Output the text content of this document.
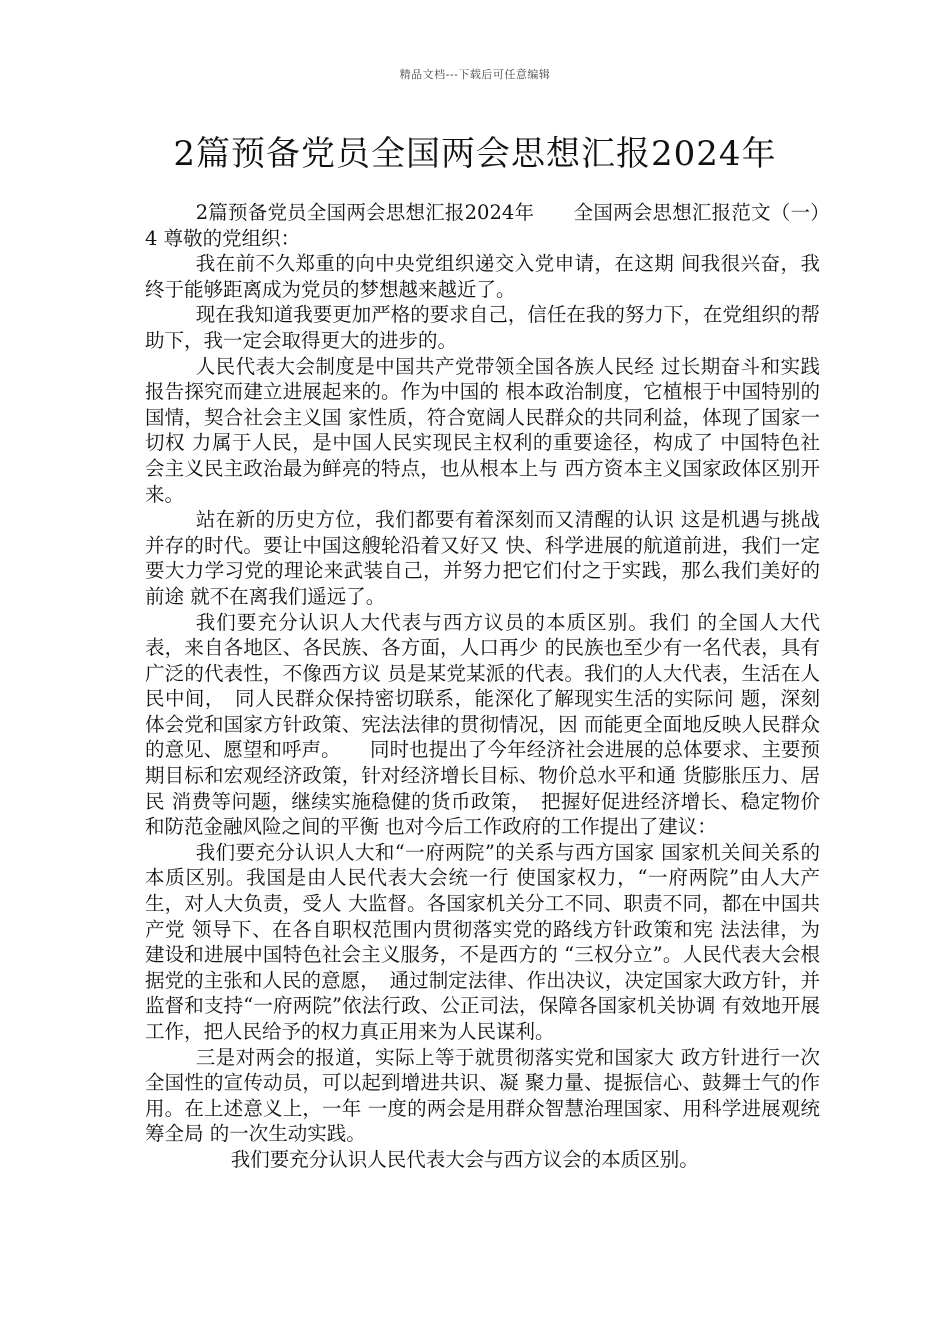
精品文档---下载后可任意编辑
2篇预备党员全国两会思想汇报2024年

2篇预备党员全国两会思想汇报2024年　　全国两会思想汇报范文（一）4 尊敬的党组织：

我在前不久郑重的向中央党组织递交入党申请，在这期 间我很兴奋，我终于能够距离成为党员的梦想越来越近了。

现在我知道我要更加严格的要求自己，信任在我的努力下，在党组织的帮助下，我一定会取得更大的进步的。

人民代表大会制度是中国共产党带领全国各族人民经 过长期奋斗和实践报告探究而建立进展起来的。作为中国的 根本政治制度，它植根于中国特别的国情，契合社会主义国 家性质，符合宽阔人民群众的共同利益，体现了国家一切权 力属于人民，是中国人民实现民主权利的重要途径，构成了 中国特色社会主义民主政治最为鲜亮的特点，也从根本上与 西方资本主义国家政体区别开来。

站在新的历史方位，我们都要有着深刻而又清醒的认识 这是机遇与挑战并存的时代。要让中国这艘轮沿着又好又 快、科学进展的航道前进，我们一定要大力学习党的理论来武装自己，并努力把它们付之于实践，那么我们美好的前途 就不在离我们遥远了。

我们要充分认识人大代表与西方议员的本质区别。我们 的全国人大代表，来自各地区、各民族、各方面，人口再少 的民族也至少有一名代表，具有广泛的代表性，不像西方议 员是某党某派的代表。我们的人大代表，生活在人民中间，　同人民群众保持密切联系，能深化了解现实生活的实际问 题，深刻体会党和国家方针政策、宪法法律的贯彻情况，因 而能更全面地反映人民群众的意见、愿望和呼声。　　同时也提出了今年经济社会进展的总体要求、主要预期目标和宏观经济政策，针对经济增长目标、物价总水平和通 货膨胀压力、居民 消费等问题，继续实施稳健的货币政策，　把握好促进经济增长、稳定物价和防范金融风险之间的平衡 也对今后工作政府的工作提出了建议：

我们要充分认识人大和“一府两院”的关系与西方国家 国家机关间关系的本质区别。我国是由人民代表大会统一行 使国家权力，“一府两院”由人大产生，对人大负责，受人 大监督。各国家机关分工不同、职责不同，都在中国共产党 领导下、在各自职权范围内贯彻落实党的路线方针政策和宪 法法律，为建设和进展中国特色社会主义服务，不是西方的 “三权分立”。人民代表大会根据党的主张和人民的意愿，　通过制定法律、作出决议，决定国家大政方针，并监督和支持“一府两院”依法行政、公正司法，保障各国家机关协调 有效地开展工作，把人民给予的权力真正用来为人民谋利。

三是对两会的报道，实际上等于就贯彻落实党和国家大 政方针进行一次全国性的宣传动员，可以起到增进共识、凝 聚力量、提振信心、鼓舞士气的作用。在上述意义上，一年 一度的两会是用群众智慧治理国家、用科学进展观统筹全局 的一次生动实践。

我们要充分认识人民代表大会与西方议会的本质区别。
